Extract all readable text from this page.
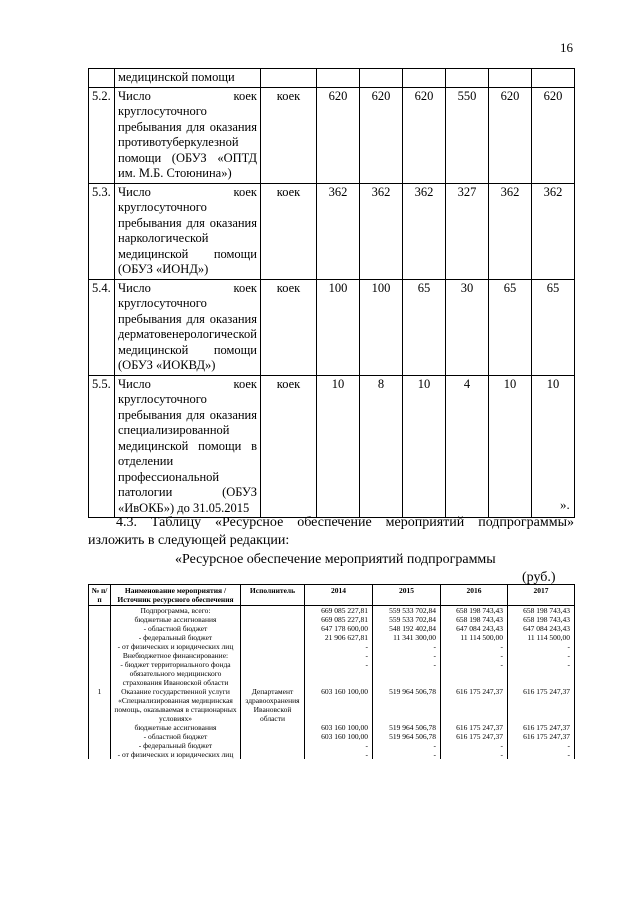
16
	медицинской помощи							
5.2.	Число коек круглосуточного пребывания для оказания противотуберкулезной помощи (ОБУЗ «ОПТД им. М.Б. Стоюнина»)	коек	620	620	620	550	620	620
5.3.	Число коек круглосуточного пребывания для оказания наркологической медицинской помощи (ОБУЗ «ИОНД»)	коек	362	362	362	327	362	362
5.4.	Число коек круглосуточного пребывания для оказания дерматовенерологической медицинской помощи (ОБУЗ «ИОКВД»)	коек	100	100	65	30	65	65
5.5.	Число коек круглосуточного пребывания для оказания специализированной медицинской помощи в отделении профессиональной патологии (ОБУЗ «ИвОКБ») до 31.05.2015	коек	10	8	10	4	10	10
».
4.3. Таблицу «Ресурсное обеспечение мероприятий подпрограммы» изложить в следующей редакции:
«Ресурсное обеспечение мероприятий подпрограммы
(руб.)
№ п/п	Наименование мероприятия / Источник ресурсного обеспечения	Исполнитель	2014	2015	2016	2017
	Подпрограмма, всего:		669 085 227,81	559 533 702,84	658 198 743,43	658 198 743,43
	бюджетные ассигнования		669 085 227,81	559 533 702,84	658 198 743,43	658 198 743,43
	- областной бюджет		647 178 600,00	548 192 402,84	647 084 243,43	647 084 243,43
	- федеральный бюджет		21 906 627,81	11 341 300,00	11 114 500,00	11 114 500,00
	- от физических и юридических лиц		-	-	-	-
	Внебюджетное финансирование:		-	-	-	-
	- бюджет территориального фонда обязательного медицинского страхования Ивановской области		-	-	-	-
1	Оказание государственной услуги «Специализированная медицинская помощь, оказываемая в стационарных условиях»	Департамент здравоохранения Ивановской области	603 160 100,00	519 964 506,78	616 175 247,37	616 175 247,37
	бюджетные ассигнования		603 160 100,00	519 964 506,78	616 175 247,37	616 175 247,37
	- областной бюджет		603 160 100,00	519 964 506,78	616 175 247,37	616 175 247,37
	- федеральный бюджет		-	-	-	-
	- от физических и юридических лиц		-	-	-	-
